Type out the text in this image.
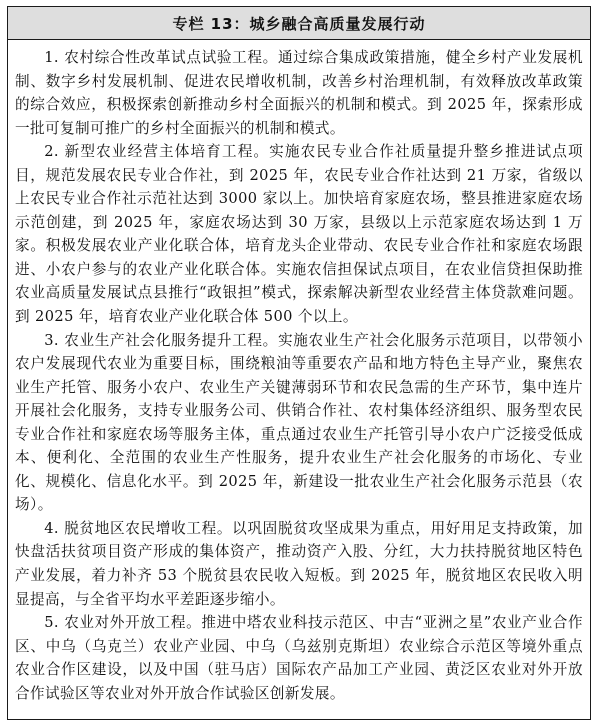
专栏 13：城乡融合高质量发展行动

1. 农村综合性改革试点试验工程。通过综合集成政策措施，健全乡村产业发展机制、数字乡村发展机制、促进农民增收机制，改善乡村治理机制，有效释放改革政策的综合效应，积极探索创新推动乡村全面振兴的机制和模式。到 2025 年，探索形成一批可复制可推广的乡村全面振兴的机制和模式。

2. 新型农业经营主体培育工程。实施农民专业合作社质量提升整乡推进试点项目，规范发展农民专业合作社，到 2025 年，农民专业合作社达到 21 万家，省级以上农民专业合作社示范社达到 3000 家以上。加快培育家庭农场，整县推进家庭农场示范创建，到 2025 年，家庭农场达到 30 万家，县级以上示范家庭农场达到 1 万家。积极发展农业产业化联合体，培育龙头企业带动、农民专业合作社和家庭农场跟进、小农户参与的农业产业化联合体。实施农信担保试点项目，在农业信贷担保助推农业高质量发展试点县推行“政银担”模式，探索解决新型农业经营主体贷款难问题。到 2025 年，培育农业产业化联合体 500 个以上。

3. 农业生产社会化服务提升工程。实施农业生产社会化服务示范项目，以带领小农户发展现代农业为重要目标，围绕粮油等重要农产品和地方特色主导产业，聚焦农业生产托管、服务小农户、农业生产关键薄弱环节和农民急需的生产环节，集中连片开展社会化服务，支持专业服务公司、供销合作社、农村集体经济组织、服务型农民专业合作社和家庭农场等服务主体，重点通过农业生产托管引导小农户广泛接受低成本、便利化、全范围的农业生产性服务，提升农业生产社会化服务的市场化、专业化、规模化、信息化水平。到 2025 年，新建设一批农业生产社会化服务示范县（农场）。

4. 脱贫地区农民增收工程。以巩固脱贫攻坚成果为重点，用好用足支持政策，加快盘活扶贫项目资产形成的集体资产，推动资产入股、分红，大力扶持脱贫地区特色产业发展，着力补齐 53 个脱贫县农民收入短板。到 2025 年，脱贫地区农民收入明显提高，与全省平均水平差距逐步缩小。

5. 农业对外开放工程。推进中塔农业科技示范区、中吉“亚洲之星”农业产业合作区、中乌（乌克兰）农业产业园、中乌（乌兹别克斯坦）农业综合示范区等境外重点农业合作区建设，以及中国（驻马店）国际农产品加工产业园、黄泛区农业对外开放合作试验区等农业对外开放合作试验区创新发展。
